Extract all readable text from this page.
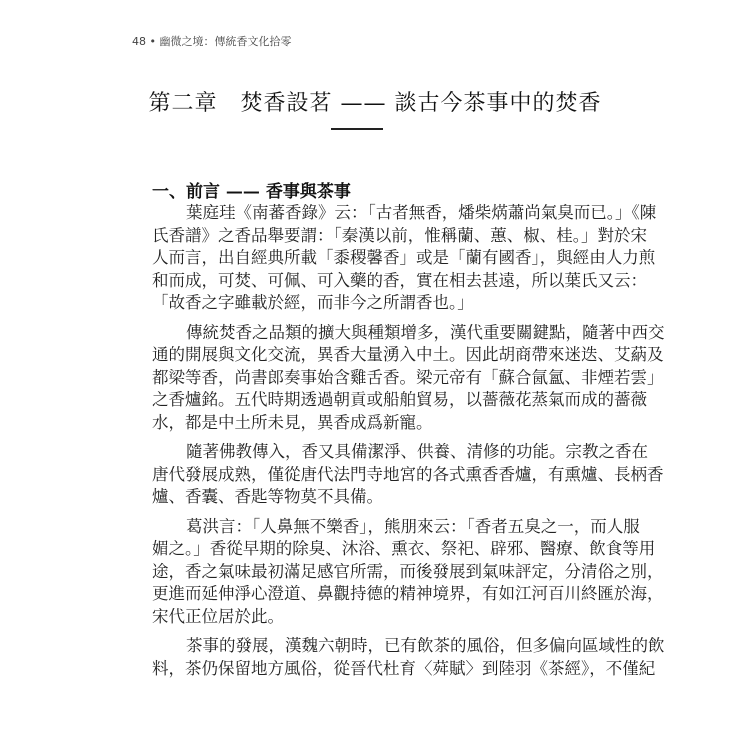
48 • 幽微之境：傳統香文化拾零
第二章　焚香設茗 —— 談古今茶事中的焚香
一、前言 —— 香事與茶事
葉庭珪《南蕃香錄》云：「古者無香，燔柴焫蕭尚氣臭而已。」《陳
氏香譜》之香品舉要謂：「秦漢以前，惟稱蘭、蕙、椒、桂。」對於宋
人而言，出自經典所載「黍稷馨香」或是「蘭有國香」，與經由人力煎
和而成，可焚、可佩、可入藥的香，實在相去甚遠，所以葉氏又云：
「故香之字雖載於經，而非今之所謂香也。」
傳統焚香之品類的擴大與種類增多，漢代重要關鍵點，隨著中西交
通的開展與文化交流，異香大量湧入中土。因此胡商帶來迷迭、艾蒳及
都梁等香，尚書郎奏事始含雞舌香。梁元帝有「蘇合氤氳、非煙若雲」
之香爐銘。五代時期透過朝貢或船舶貿易，以薔薇花蒸氣而成的薔薇
水，都是中土所未見，異香成爲新寵。
隨著佛教傳入，香又具備潔淨、供養、清修的功能。宗教之香在
唐代發展成熟，僅從唐代法門寺地宮的各式熏香香爐，有熏爐、長柄香
爐、香囊、香匙等物莫不具備。
葛洪言：「人鼻無不樂香」，熊朋來云：「香者五臭之一，而人服
媚之。」香從早期的除臭、沐浴、熏衣、祭祀、辟邪、醫療、飲食等用
途，香之氣味最初滿足感官所需，而後發展到氣味評定，分清俗之別，
更進而延伸淨心澄道、鼻觀持德的精神境界，有如江河百川終匯於海，
宋代正位居於此。
茶事的發展，漢魏六朝時，已有飲茶的風俗，但多偏向區域性的飲
料，茶仍保留地方風俗，從晉代杜育〈荈賦〉到陸羽《茶經》，不僅紀
